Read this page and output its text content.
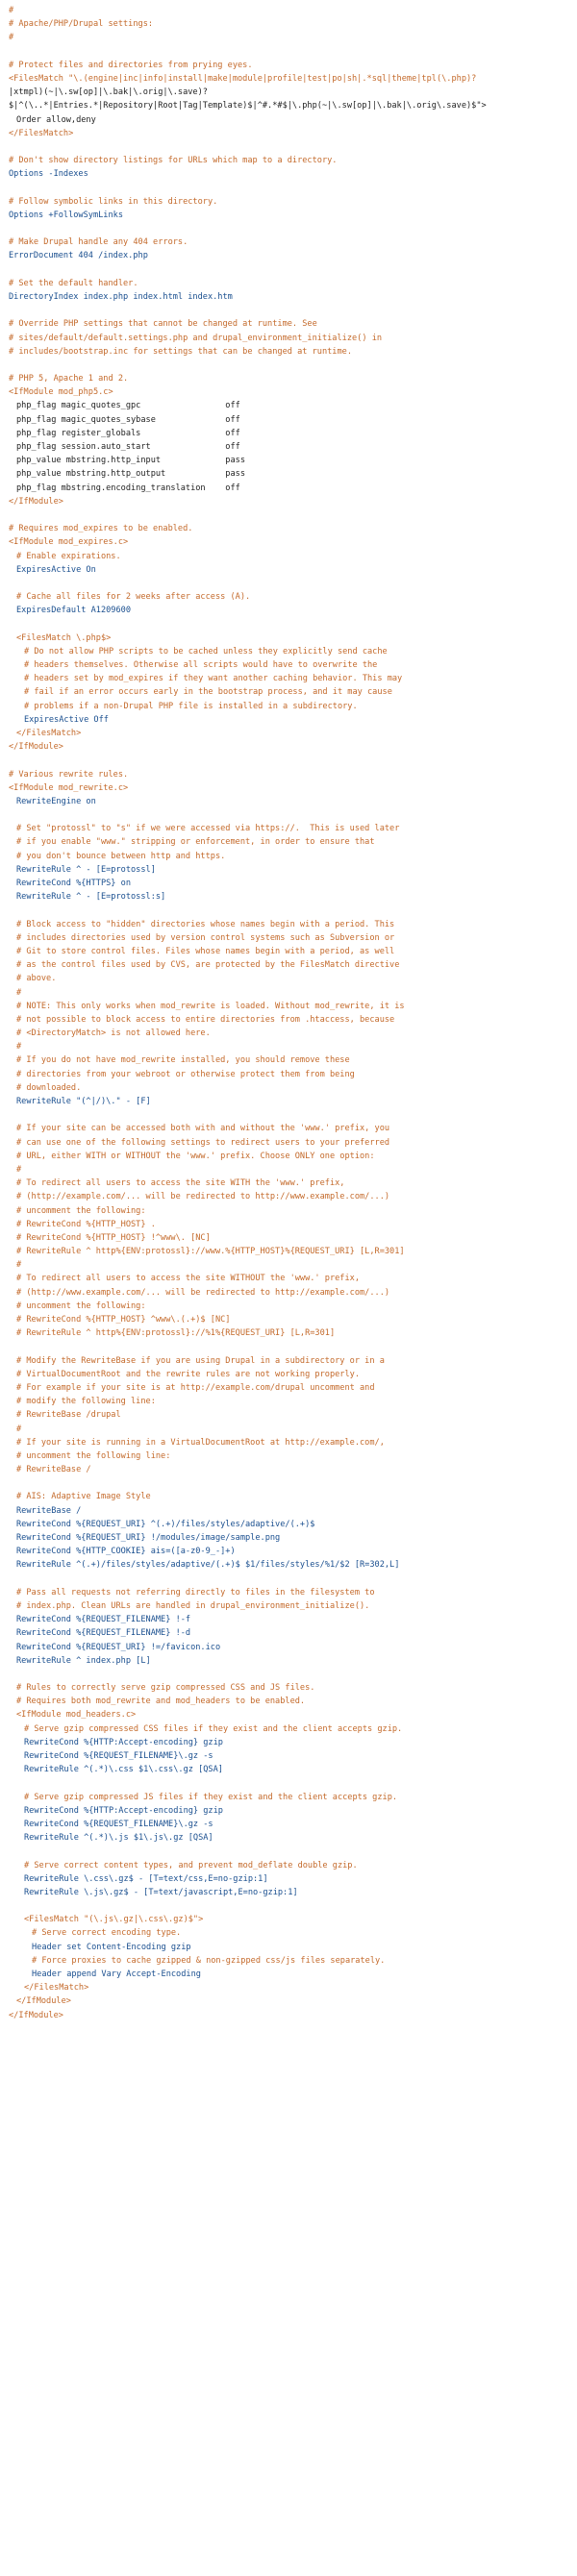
#
# Apache/PHP/Drupal settings:
#
# Protect files and directories from prying eyes.
<FilesMatch "\.(engine|inc|info|install|make|module|profile|test|po|sh|.*sql|theme|tpl(\.php)?
|xtmpl)(~|\.sw[op]|\.bak|\.orig|\.save)?
$|^(\..*|Entries.*|Repository|Root|Tag|Template)$|^#.*#$|\.php(~|\.sw[op]|\.bak|\.orig\.save)$">
Order allow,deny
</FilesMatch>
# Don't show directory listings for URLs which map to a directory.
Options -Indexes
# Follow symbolic links in this directory.
Options +FollowSymLinks
# Make Drupal handle any 404 errors.
ErrorDocument 404 /index.php
# Set the default handler.
DirectoryIndex index.php index.html index.htm
# Override PHP settings that cannot be changed at runtime. See
# sites/default/default.settings.php and drupal_environment_initialize() in
# includes/bootstrap.inc for settings that can be changed at runtime.
# PHP 5, Apache 1 and 2.
<IfModule mod_php5.c>
php_flag magic_quotes_gpc                 off
php_flag magic_quotes_sybase              off
php_flag register_globals                 off
php_flag session.auto_start               off
php_value mbstring.http_input             pass
php_value mbstring.http_output            pass
php_flag mbstring.encoding_translation    off
</IfModule>
# Requires mod_expires to be enabled.
<IfModule mod_expires.c>
# Enable expirations.
ExpiresActive On
# Cache all files for 2 weeks after access (A).
ExpiresDefault A1209600
<FilesMatch \.php$>
# Do not allow PHP scripts to be cached unless they explicitly send cache
# headers themselves. Otherwise all scripts would have to overwrite the
# headers set by mod_expires if they want another caching behavior. This may
# fail if an error occurs early in the bootstrap process, and it may cause
# problems if a non-Drupal PHP file is installed in a subdirectory.
ExpiresActive Off
</FilesMatch>
</IfModule>
# Various rewrite rules.
<IfModule mod_rewrite.c>
RewriteEngine on
# Set "protossl" to "s" if we were accessed via https://.  This is used later
# if you enable "www." stripping or enforcement, in order to ensure that
# you don't bounce between http and https.
RewriteRule ^ - [E=protossl]
RewriteCond %{HTTPS} on
RewriteRule ^ - [E=protossl:s]
# Block access to "hidden" directories whose names begin with a period. This
# includes directories used by version control systems such as Subversion or
# Git to store control files. Files whose names begin with a period, as well
# as the control files used by CVS, are protected by the FilesMatch directive
# above.
#
# NOTE: This only works when mod_rewrite is loaded. Without mod_rewrite, it is
# not possible to block access to entire directories from .htaccess, because
# <DirectoryMatch> is not allowed here.
#
# If you do not have mod_rewrite installed, you should remove these
# directories from your webroot or otherwise protect them from being
# downloaded.
RewriteRule "(^|/)\." - [F]
# If your site can be accessed both with and without the 'www.' prefix, you
# can use one of the following settings to redirect users to your preferred
# URL, either WITH or WITHOUT the 'www.' prefix. Choose ONLY one option:
#
# To redirect all users to access the site WITH the 'www.' prefix,
# (http://example.com/... will be redirected to http://www.example.com/...)
# uncomment the following:
# RewriteCond %{HTTP_HOST} .
# RewriteCond %{HTTP_HOST} !^www\. [NC]
# RewriteRule ^ http%{ENV:protossl}://www.%{HTTP_HOST}%{REQUEST_URI} [L,R=301]
#
# To redirect all users to access the site WITHOUT the 'www.' prefix,
# (http://www.example.com/... will be redirected to http://example.com/...)
# uncomment the following:
# RewriteCond %{HTTP_HOST} ^www\.(.+)$ [NC]
# RewriteRule ^ http%{ENV:protossl}://%1%{REQUEST_URI} [L,R=301]
# Modify the RewriteBase if you are using Drupal in a subdirectory or in a
# VirtualDocumentRoot and the rewrite rules are not working properly.
# For example if your site is at http://example.com/drupal uncomment and
# modify the following line:
# RewriteBase /drupal
#
# If your site is running in a VirtualDocumentRoot at http://example.com/,
# uncomment the following line:
# RewriteBase /
# AIS: Adaptive Image Style
RewriteBase /
RewriteCond %{REQUEST_URI} ^(.+)/files/styles/adaptive/(.+)$
RewriteCond %{REQUEST_URI} !/modules/image/sample.png
RewriteCond %{HTTP_COOKIE} ais=([a-z0-9_-]+)
RewriteRule ^(.+)/files/styles/adaptive/(.+)$ $1/files/styles/%1/$2 [R=302,L]
# Pass all requests not referring directly to files in the filesystem to
# index.php. Clean URLs are handled in drupal_environment_initialize().
RewriteCond %{REQUEST_FILENAME} !-f
RewriteCond %{REQUEST_FILENAME} !-d
RewriteCond %{REQUEST_URI} !=/favicon.ico
RewriteRule ^ index.php [L]
# Rules to correctly serve gzip compressed CSS and JS files.
# Requires both mod_rewrite and mod_headers to be enabled.
<IfModule mod_headers.c>
# Serve gzip compressed CSS files if they exist and the client accepts gzip.
RewriteCond %{HTTP:Accept-encoding} gzip
RewriteCond %{REQUEST_FILENAME}\.gz -s
RewriteRule ^(.*)\.css $1\.css\.gz [QSA]
# Serve gzip compressed JS files if they exist and the client accepts gzip.
RewriteCond %{HTTP:Accept-encoding} gzip
RewriteCond %{REQUEST_FILENAME}\.gz -s
RewriteRule ^(.*)\.js $1\.js\.gz [QSA]
# Serve correct content types, and prevent mod_deflate double gzip.
RewriteRule \.css\.gz$ - [T=text/css,E=no-gzip:1]
RewriteRule \.js\.gz$ - [T=text/javascript,E=no-gzip:1]
<FilesMatch "(\.js\.gz|\.css\.gz)$">
# Serve correct encoding type.
Header set Content-Encoding gzip
# Force proxies to cache gzipped & non-gzipped css/js files separately.
Header append Vary Accept-Encoding
</FilesMatch>
</IfModule>
</IfModule>
